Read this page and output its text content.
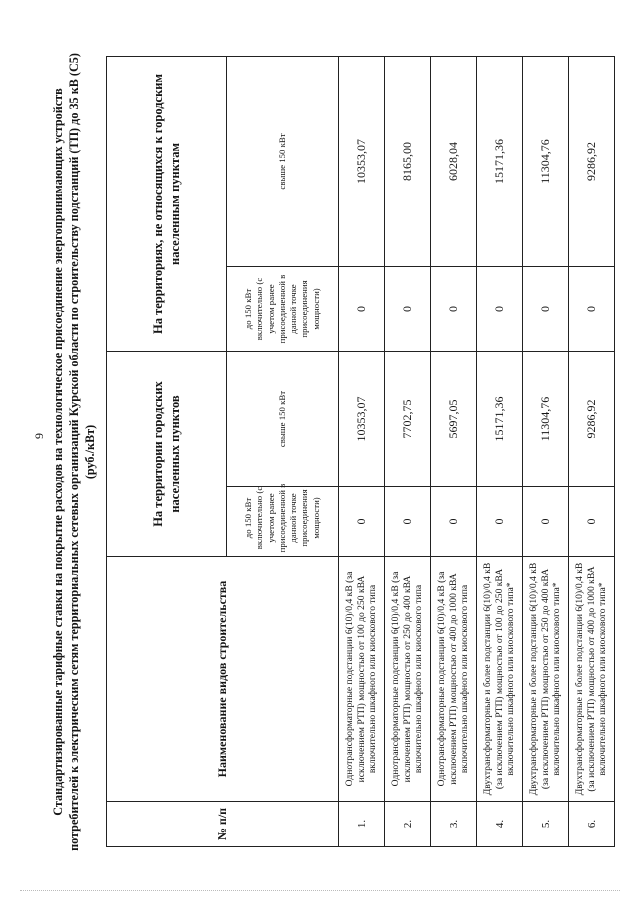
9 Стандартизированные тарифные ставки на покрытие расходов на технологическое присоединение энергопринимающих устройств потребителей к электрическим сетям территориальных сетевых организаций Курской области по строительству подстанций (ТП) до 35 кВ (С5) (руб./кВт)
№ п/п	Наименование видов строительства	На территории городских населенных пунктов		На территориях, не относящихся к городским населенным пунктам	

		до 150 кВт включительно (с учетом ранее присоединенной в данной точке присоединения мощности)	свыше 150 кВт	до 150 кВт включительно (с учетом ранее присоединенной в данной точке присоединения мощности)	свыше 150 кВт
1.	Однотрансформаторные подстанции 6(10)/0,4 кВ (за исключением РТП) мощностью от 100 до 250 кВА включительно шкафного или киоскового типа	0	10353,07	0	10353,07
2.	Однотрансформаторные подстанции 6(10)/0,4 кВ (за исключением РТП) мощностью от 250 до 400 кВА включительно шкафного или киоскового типа	0	7702,75	0	8165,00
3.	Однотрансформаторные подстанции 6(10)/0,4 кВ (за исключением РТП) мощностью от 400 до 1000 кВА включительно шкафного или киоскового типа	0	5697,05	0	6028,04
4.	Двухтрансформаторные и более подстанции 6(10)/0,4 кВ (за исключением РТП) мощностью от 100 до 250 кВА включительно шкафного или киоскового типа*	0	15171,36	0	15171,36
5.	Двухтрансформаторные и более подстанции 6(10)/0,4 кВ (за исключением РТП) мощностью от 250 до 400 кВА включительно шкафного или киоскового типа*	0	11304,76	0	11304,76
6.	Двухтрансформаторные и более подстанции 6(10)/0,4 кВ (за исключением РТП) мощностью от 400 до 1000 кВА включительно шкафного или киоскового типа*	0	9286,92	0	9286,92
